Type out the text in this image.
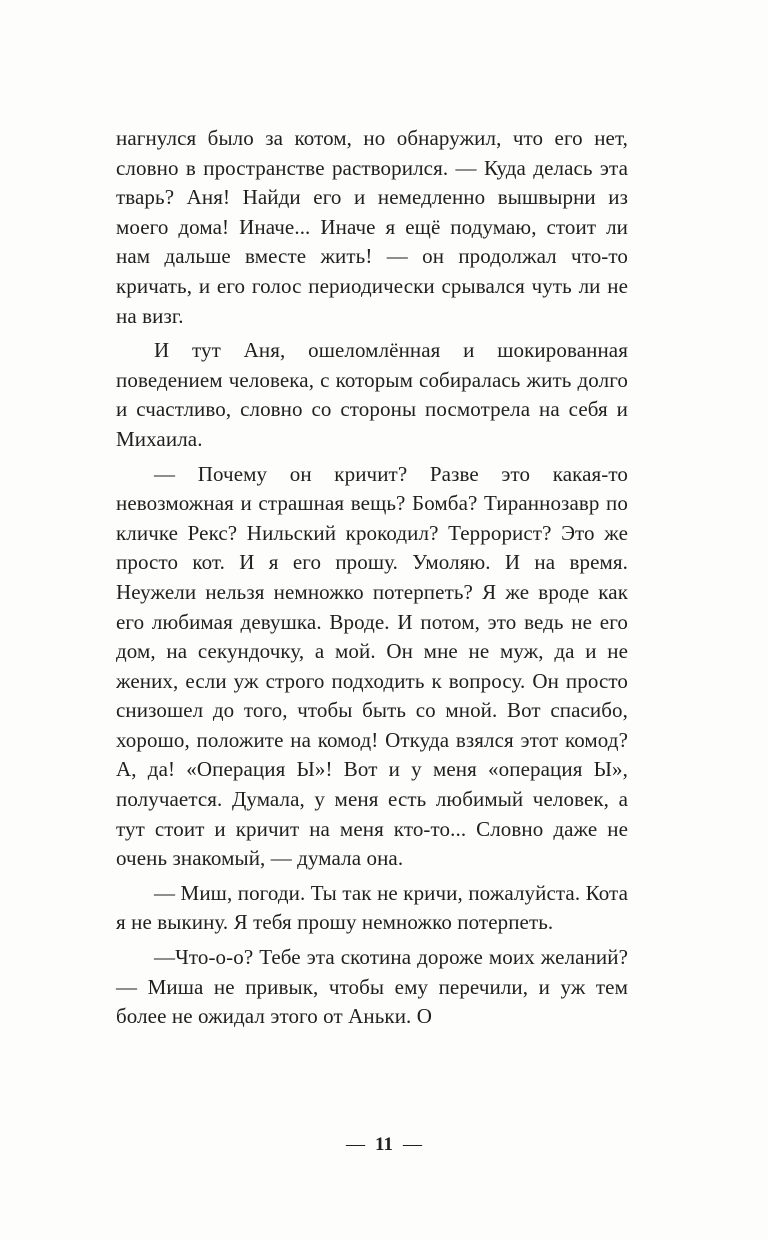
нагнулся было за котом, но обнаружил, что его нет, словно в пространстве растворился. — Куда делась эта тварь? Аня! Найди его и немедленно вышвырни из моего дома! Иначе... Иначе я ещё подумаю, стоит ли нам дальше вместе жить! — он продолжал что-то кричать, и его голос периодически срывался чуть ли не на визг.

И тут Аня, ошеломлённая и шокированная поведением человека, с которым собиралась жить долго и счастливо, словно со стороны посмотрела на себя и Михаила.

— Почему он кричит? Разве это какая-то невозможная и страшная вещь? Бомба? Тираннозавр по кличке Рекс? Нильский крокодил? Террорист? Это же просто кот. И я его прошу. Умоляю. И на время. Неужели нельзя немножко потерпеть? Я же вроде как его любимая девушка. Вроде. И потом, это ведь не его дом, на секундочку, а мой. Он мне не муж, да и не жених, если уж строго подходить к вопросу. Он просто снизошел до того, чтобы быть со мной. Вот спасибо, хорошо, положите на комод! Откуда взялся этот комод? А, да! «Операция Ы»! Вот и у меня «операция Ы», получается. Думала, у меня есть любимый человек, а тут стоит и кричит на меня кто-то... Словно даже не очень знакомый, — думала она.

— Миш, погоди. Ты так не кричи, пожалуйста. Кота я не выкину. Я тебя прошу немножко потерпеть.

—Что-о-о? Тебе эта скотина дороже моих желаний? — Миша не привык, чтобы ему перечили, и уж тем более не ожидал этого от Аньки. О

— 11 —
